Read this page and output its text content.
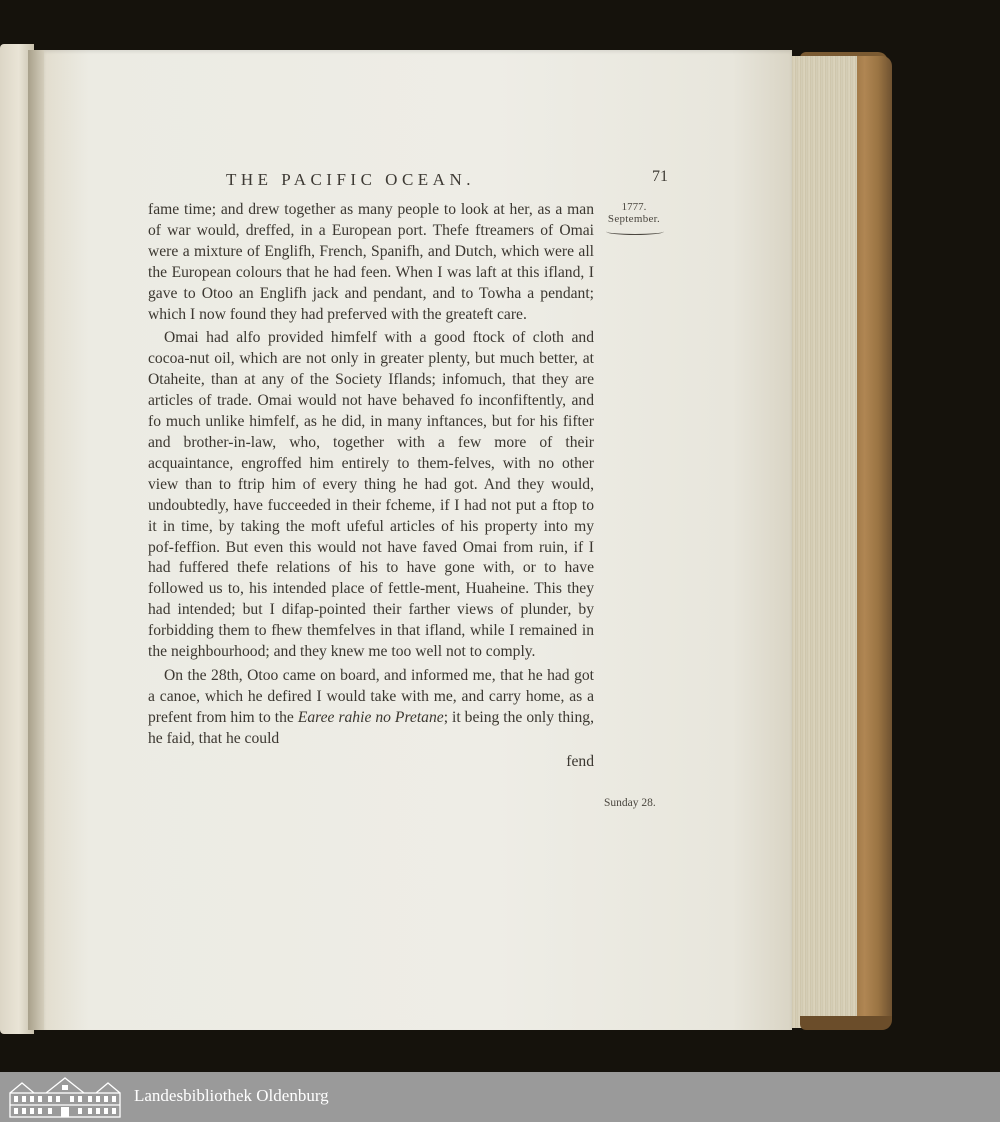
THE PACIFIC OCEAN.	71
1777.
September.
Sunday 28.

fame time; and drew together as many people to look at her, as a man of war would, dreffed, in a European port. Thefe ftreamers of Omai were a mixture of Englifh, French, Spanifh, and Dutch, which were all the European colours that he had feen. When I was laft at this ifland, I gave to Otoo an Englifh jack and pendant, and to Towha a pendant; which I now found they had preferved with the greateft care.

Omai had alfo provided himfelf with a good ftock of cloth and cocoa-nut oil, which are not only in greater plenty, but much better, at Otaheite, than at any of the Society Iflands; infomuch, that they are articles of trade. Omai would not have behaved fo inconfiftently, and fo much unlike himfelf, as he did, in many inftances, but for his fifter and brother-in-law, who, together with a few more of their acquaintance, engroffed him entirely to them-felves, with no other view than to ftrip him of every thing he had got. And they would, undoubtedly, have fucceeded in their fcheme, if I had not put a ftop to it in time, by taking the moft ufeful articles of his property into my pof-feffion. But even this would not have faved Omai from ruin, if I had fuffered thefe relations of his to have gone with, or to have followed us to, his intended place of fettle-ment, Huaheine. This they had intended; but I difap-pointed their farther views of plunder, by forbidding them to fhew themfelves in that ifland, while I remained in the neighbourhood; and they knew me too well not to comply.

On the 28th, Otoo came on board, and informed me, that he had got a canoe, which he defired I would take with me, and carry home, as a prefent from him to the Earee rahie no Pretane; it being the only thing, he faid, that he could

fend
Landesbibliothek Oldenburg
